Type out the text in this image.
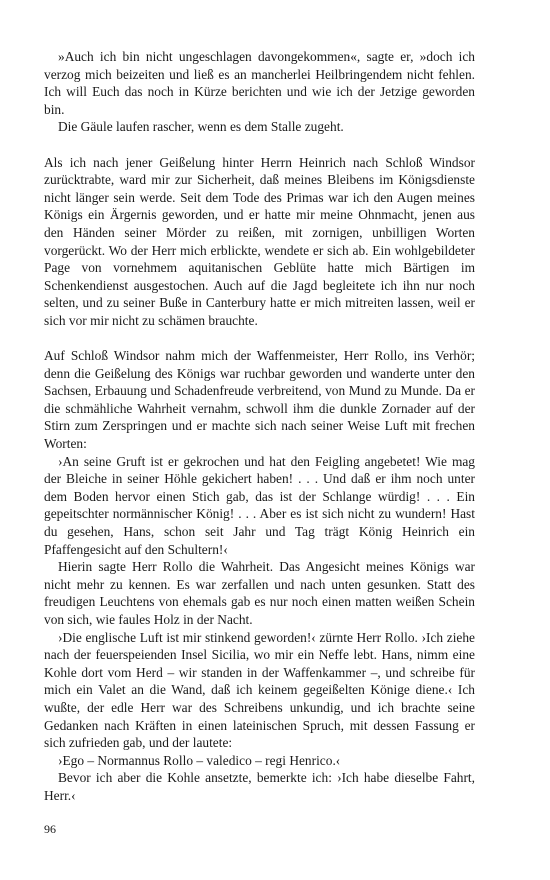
»Auch ich bin nicht ungeschlagen davongekommen«, sagte er, »doch ich verzog mich beizeiten und ließ es an mancherlei Heilbringendem nicht fehlen. Ich will Euch das noch in Kürze berichten und wie ich der Jetzige geworden bin.

Die Gäule laufen rascher, wenn es dem Stalle zugeht.

Als ich nach jener Geißelung hinter Herrn Heinrich nach Schloß Windsor zurücktrabte, ward mir zur Sicherheit, daß meines Bleibens im Königsdienste nicht länger sein werde. Seit dem Tode des Primas war ich den Augen meines Königs ein Ärgernis geworden, und er hatte mir meine Ohnmacht, jenen aus den Händen seiner Mörder zu reißen, mit zornigen, unbilligen Worten vorgerückt. Wo der Herr mich erblickte, wendete er sich ab. Ein wohlgebildeter Page von vornehmem aquitanischen Geblüte hatte mich Bärtigen im Schenkendienst ausgestochen. Auch auf die Jagd begleitete ich ihn nur noch selten, und zu seiner Buße in Canterbury hatte er mich mitreiten lassen, weil er sich vor mir nicht zu schämen brauchte.

Auf Schloß Windsor nahm mich der Waffenmeister, Herr Rollo, ins Verhör; denn die Geißelung des Königs war ruchbar geworden und wanderte unter den Sachsen, Erbauung und Schadenfreude verbreitend, von Mund zu Munde. Da er die schmähliche Wahrheit vernahm, schwoll ihm die dunkle Zornader auf der Stirn zum Zerspringen und er machte sich nach seiner Weise Luft mit frechen Worten:

›An seine Gruft ist er gekrochen und hat den Feigling angebetet! Wie mag der Bleiche in seiner Höhle gekichert haben! . . . Und daß er ihm noch unter dem Boden hervor einen Stich gab, das ist der Schlange würdig! . . . Ein gepeitschter normännischer König! . . . Aber es ist sich nicht zu wundern! Hast du gesehen, Hans, schon seit Jahr und Tag trägt König Heinrich ein Pfaffengesicht auf den Schultern!‹

Hierin sagte Herr Rollo die Wahrheit. Das Angesicht meines Königs war nicht mehr zu kennen. Es war zerfallen und nach unten gesunken. Statt des freudigen Leuchtens von ehemals gab es nur noch einen matten weißen Schein von sich, wie faules Holz in der Nacht.

›Die englische Luft ist mir stinkend geworden!‹ zürnte Herr Rollo. ›Ich ziehe nach der feuerspeienden Insel Sicilia, wo mir ein Neffe lebt. Hans, nimm eine Kohle dort vom Herd – wir standen in der Waffenkammer –, und schreibe für mich ein Valet an die Wand, daß ich keinem gegeißelten Könige diene.‹ Ich wußte, der edle Herr war des Schreibens unkundig, und ich brachte seine Gedanken nach Kräften in einen lateinischen Spruch, mit dessen Fassung er sich zufrieden gab, und der lautete:

›Ego – Normannus Rollo – valedico – regi Henrico.‹

Bevor ich aber die Kohle ansetzte, bemerkte ich: ›Ich habe dieselbe Fahrt, Herr.‹

96
